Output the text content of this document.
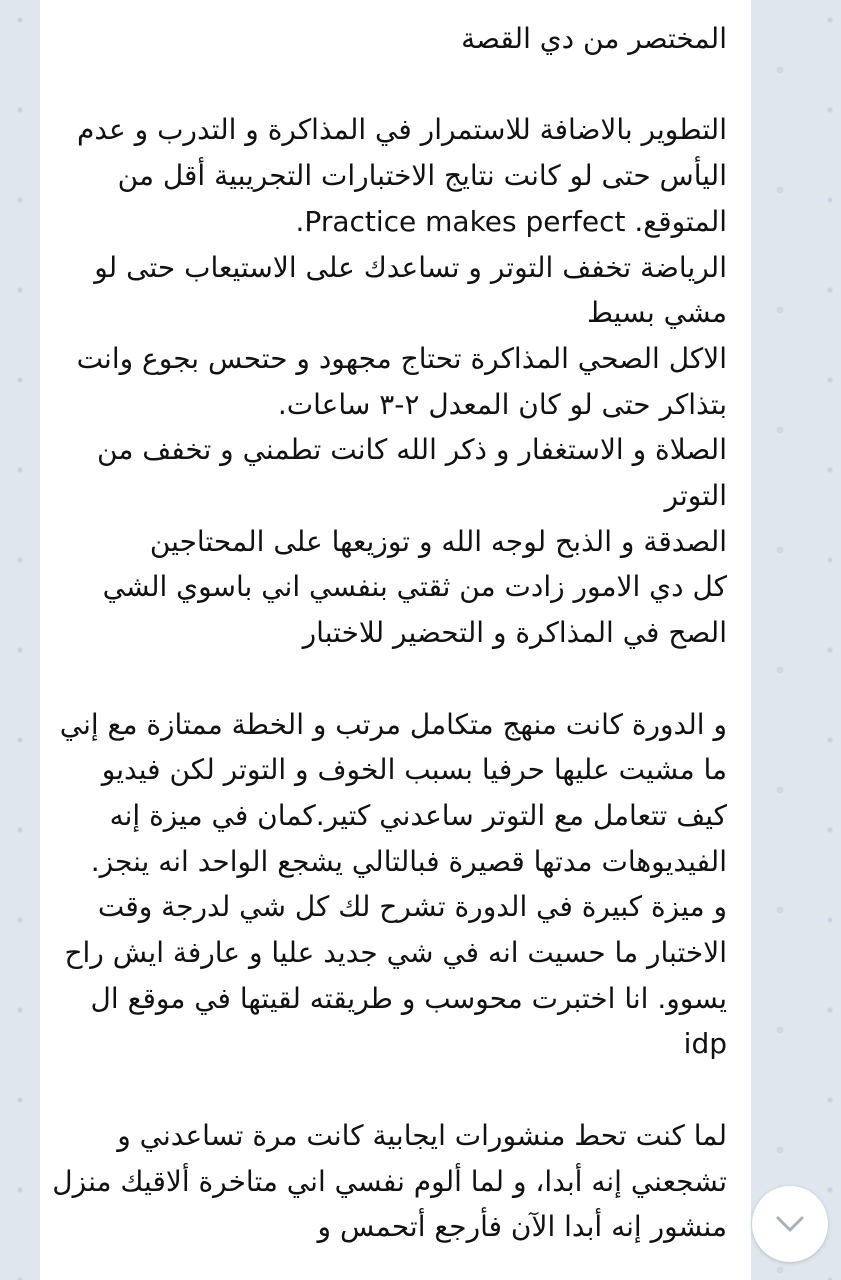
المختصر من دي القصة

التطوير بالاضافة للاستمرار في المذاكرة و التدرب و عدم اليأس حتى لو كانت نتايج الاختبارات التجريبية أقل من المتوقع. Practice makes perfect.
الرياضة تخفف التوتر و تساعدك على الاستيعاب حتى لو مشي بسيط
الاكل الصحي المذاكرة تحتاج مجهود و حتحس بجوع وانت بتذاكر حتى لو كان المعدل ٢-٣ ساعات.
الصلاة و الاستغفار و ذكر الله كانت تطمني و تخفف من التوتر
الصدقة و الذبح لوجه الله و توزيعها على المحتاجين
كل دي الامور زادت من ثقتي بنفسي اني باسوي الشي الصح في المذاكرة و التحضير للاختبار

و الدورة كانت منهج متكامل مرتب و الخطة ممتازة مع إني ما مشيت عليها حرفيا بسبب الخوف و التوتر لكن فيديو كيف تتعامل مع التوتر ساعدني كتير.كمان في ميزة إنه الفيديوهات مدتها قصيرة فبالتالي يشجع الواحد انه ينجز.
و ميزة كبيرة في الدورة تشرح لك كل شي لدرجة وقت الاختبار ما حسيت انه في شي جديد عليا و عارفة ايش راح يسوو. انا اختبرت محوسب و طريقته لقيتها في موقع ال idp

لما كنت تحط منشورات ايجابية كانت مرة تساعدني و تشجعني إنه أبدا، و لما ألوم نفسي اني متاخرة ألاقيك منزل منشور إنه أبدا الآن فأرجع أتحمس و
